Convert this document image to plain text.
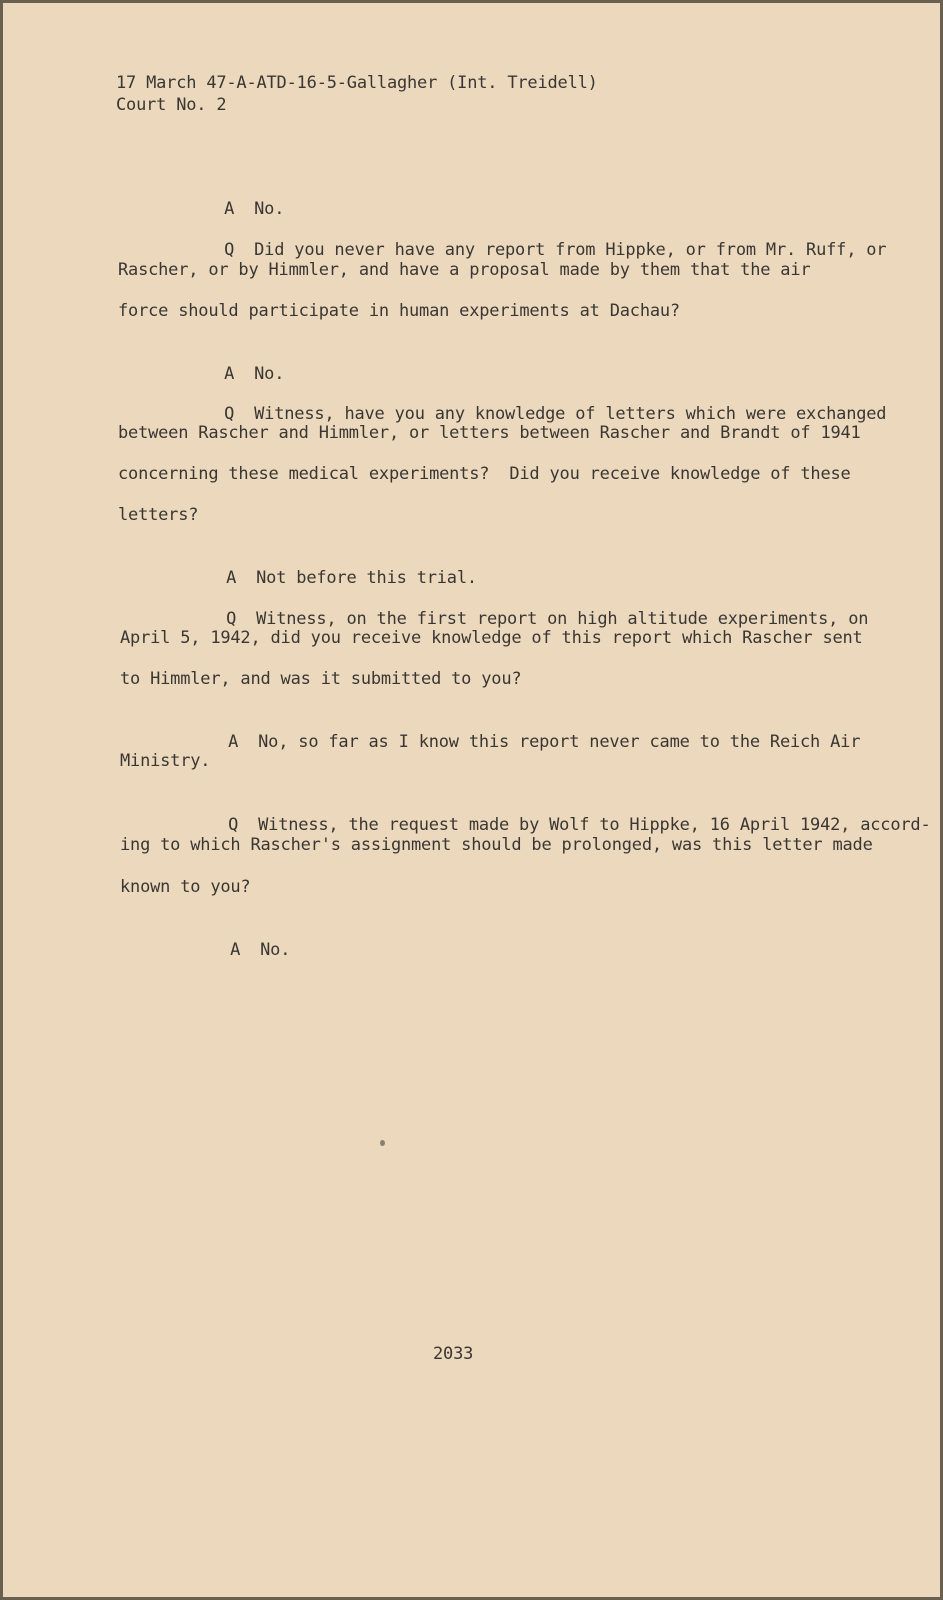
17 March 47-A-ATD-16-5-Gallagher (Int. Treidell)
Court No. 2

A No.

Q Did you never have any report from Hippke, or from Mr. Ruff, or

Rascher, or by Himmler, and have a proposal made by them that the air
force should participate in human experiments at Dachau?

A No.

Q Witness, have you any knowledge of letters which were exchanged

between Rascher and Himmler, or letters between Rascher and Brandt of 1941
concerning these medical experiments?  Did you receive knowledge of these
letters?

A Not before this trial.

Q Witness, on the first report on high altitude experiments, on

April 5, 1942, did you receive knowledge of this report which Rascher sent
to Himmler, and was it submitted to you?

A No, so far as I know this report never came to the Reich Air

Ministry.

Q Witness, the request made by Wolf to Hippke, 16 April 1942, accord-

ing to which Rascher's assignment should be prolonged, was this letter made
known to you?

A No.

2033
